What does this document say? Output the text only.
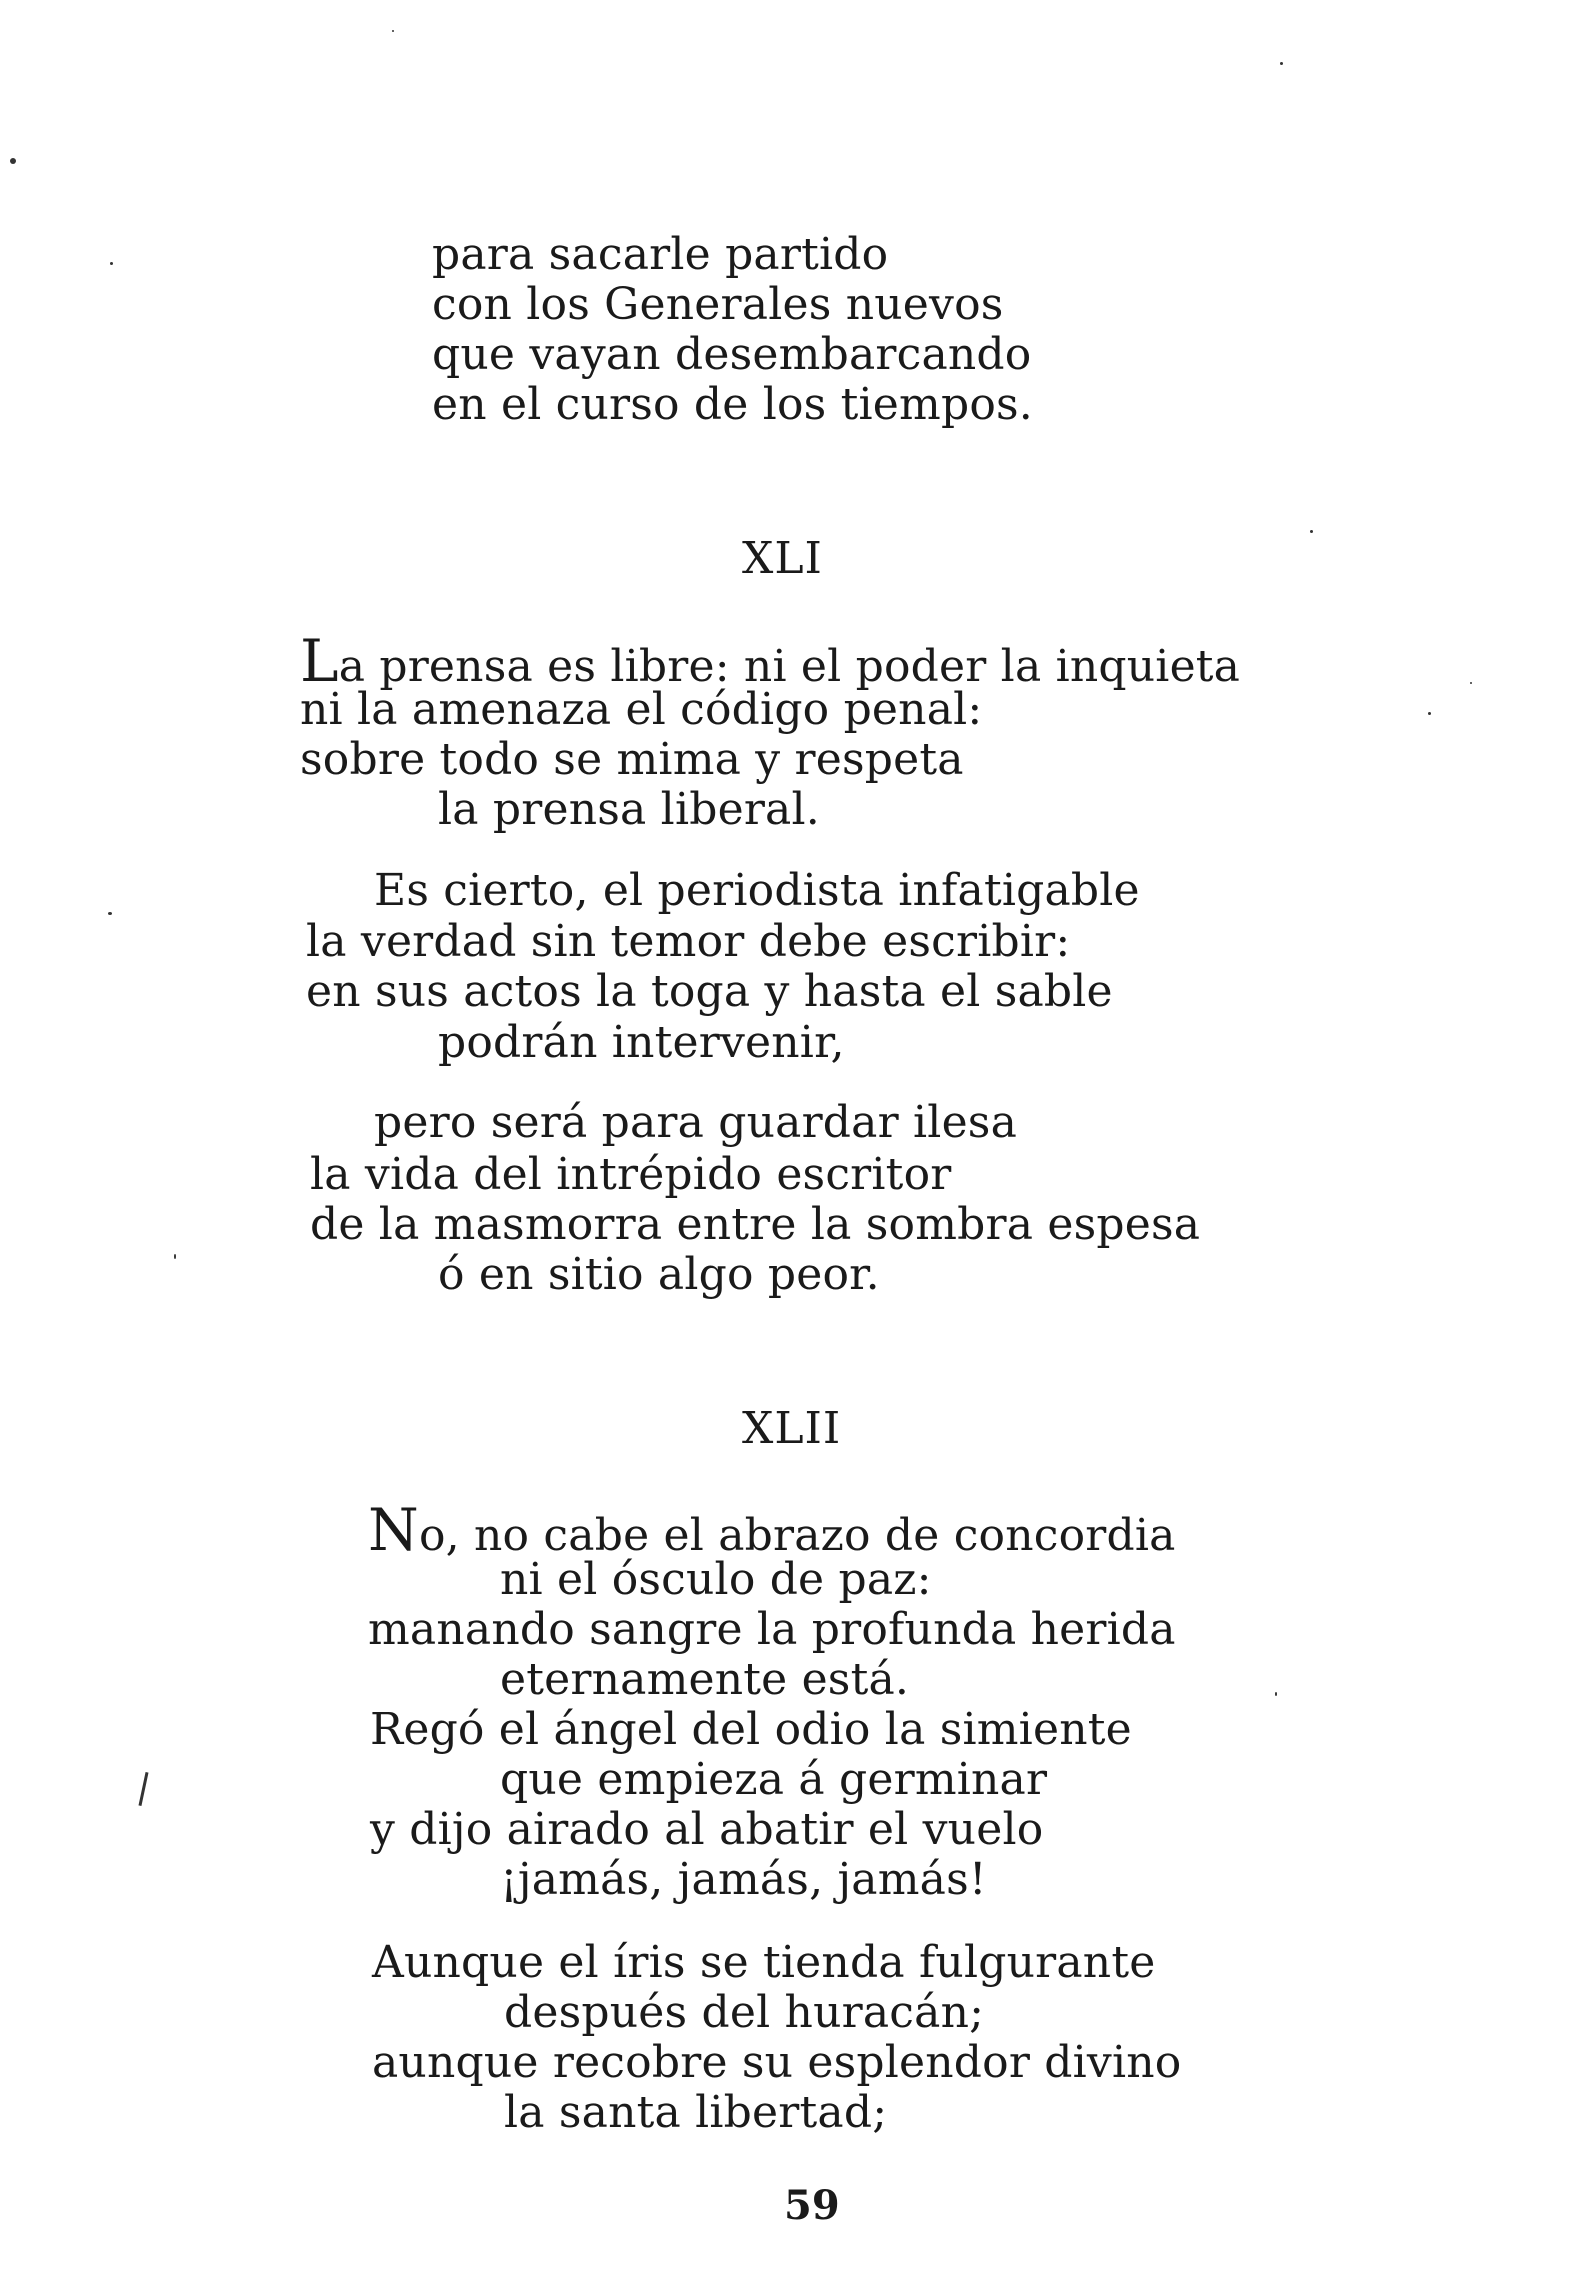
para sacarle partido
con los Generales nuevos
que vayan desembarcando
en el curso de los tiempos.
XLI
La prensa es libre: ni el poder la inquieta
ni la amenaza el código penal:
sobre todo se mima y respeta
la prensa liberal.
Es cierto, el periodista infatigable
la verdad sin temor debe escribir:
en sus actos la toga y hasta el sable
podrán intervenir,
pero será para guardar ilesa
la vida del intrépido escritor
de la masmorra entre la sombra espesa
ó en sitio algo peor.
XLII
No, no cabe el abrazo de concordia
ni el ósculo de paz:
manando sangre la profunda herida
eternamente está.
Regó el ángel del odio la simiente
que empieza á germinar
y dijo airado al abatir el vuelo
¡jamás, jamás, jamás!
Aunque el íris se tienda fulgurante
después del huracán;
aunque recobre su esplendor divino
la santa libertad;
59
